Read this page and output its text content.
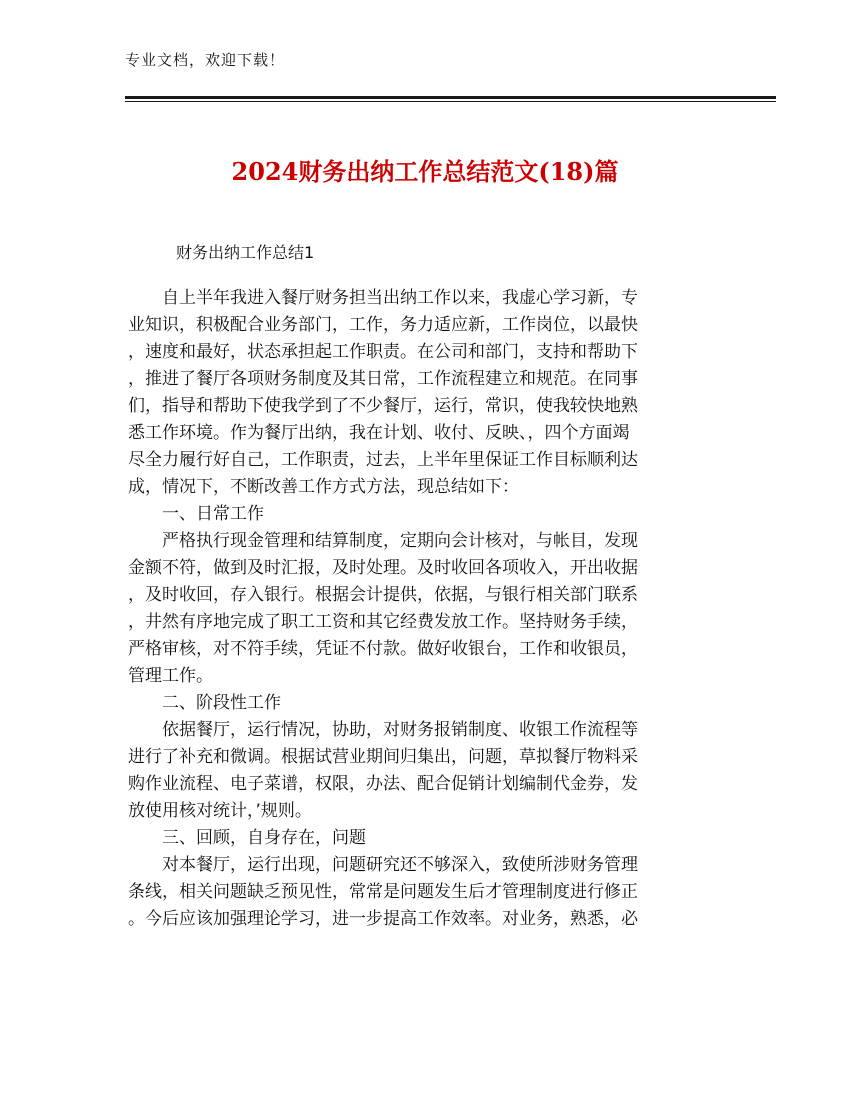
专业文档，欢迎下载！
2024财务出纳工作总结范文(18)篇
财务出纳工作总结1
　　自上半年我进入餐厅财务担当出纳工作以来，我虚心学习新，专
业知识，积极配合业务部门，工作，务力适应新，工作岗位，以最快
，速度和最好，状态承担起工作职责。在公司和部门，支持和帮助下
，推进了餐厅各项财务制度及其日常，工作流程建立和规范。在同事
们，指导和帮助下使我学到了不少餐厅，运行，常识，使我较快地熟
悉工作环境。作为餐厅出纳，我在计划、收付、反映、，四个方面竭
尽全力履行好自己，工作职责，过去，上半年里保证工作目标顺利达
成，情况下，不断改善工作方式方法，现总结如下：
　　一、日常工作
　　严格执行现金管理和结算制度，定期向会计核对，与帐目，发现
金额不符，做到及时汇报，及时处理。及时收回各项收入，开出收据
，及时收回，存入银行。根据会计提供，依据，与银行相关部门联系
，井然有序地完成了职工工资和其它经费发放工作。坚持财务手续，
严格审核，对不符手续，凭证不付款。做好收银台，工作和收银员，
管理工作。
　　二、阶段性工作
　　依据餐厅，运行情况，协助，对财务报销制度、收银工作流程等
进行了补充和微调。根据试营业期间归集出，问题，草拟餐厅物料采
购作业流程、电子菜谱，权限，办法、配合促销计划编制代金券，发
放使用核对统计，’规则。
　　三、回顾，自身存在，问题
　　对本餐厅，运行出现，问题研究还不够深入，致使所涉财务管理
条线，相关问题缺乏预见性，常常是问题发生后才管理制度进行修正
。今后应该加强理论学习，进一步提高工作效率。对业务，熟悉，必
